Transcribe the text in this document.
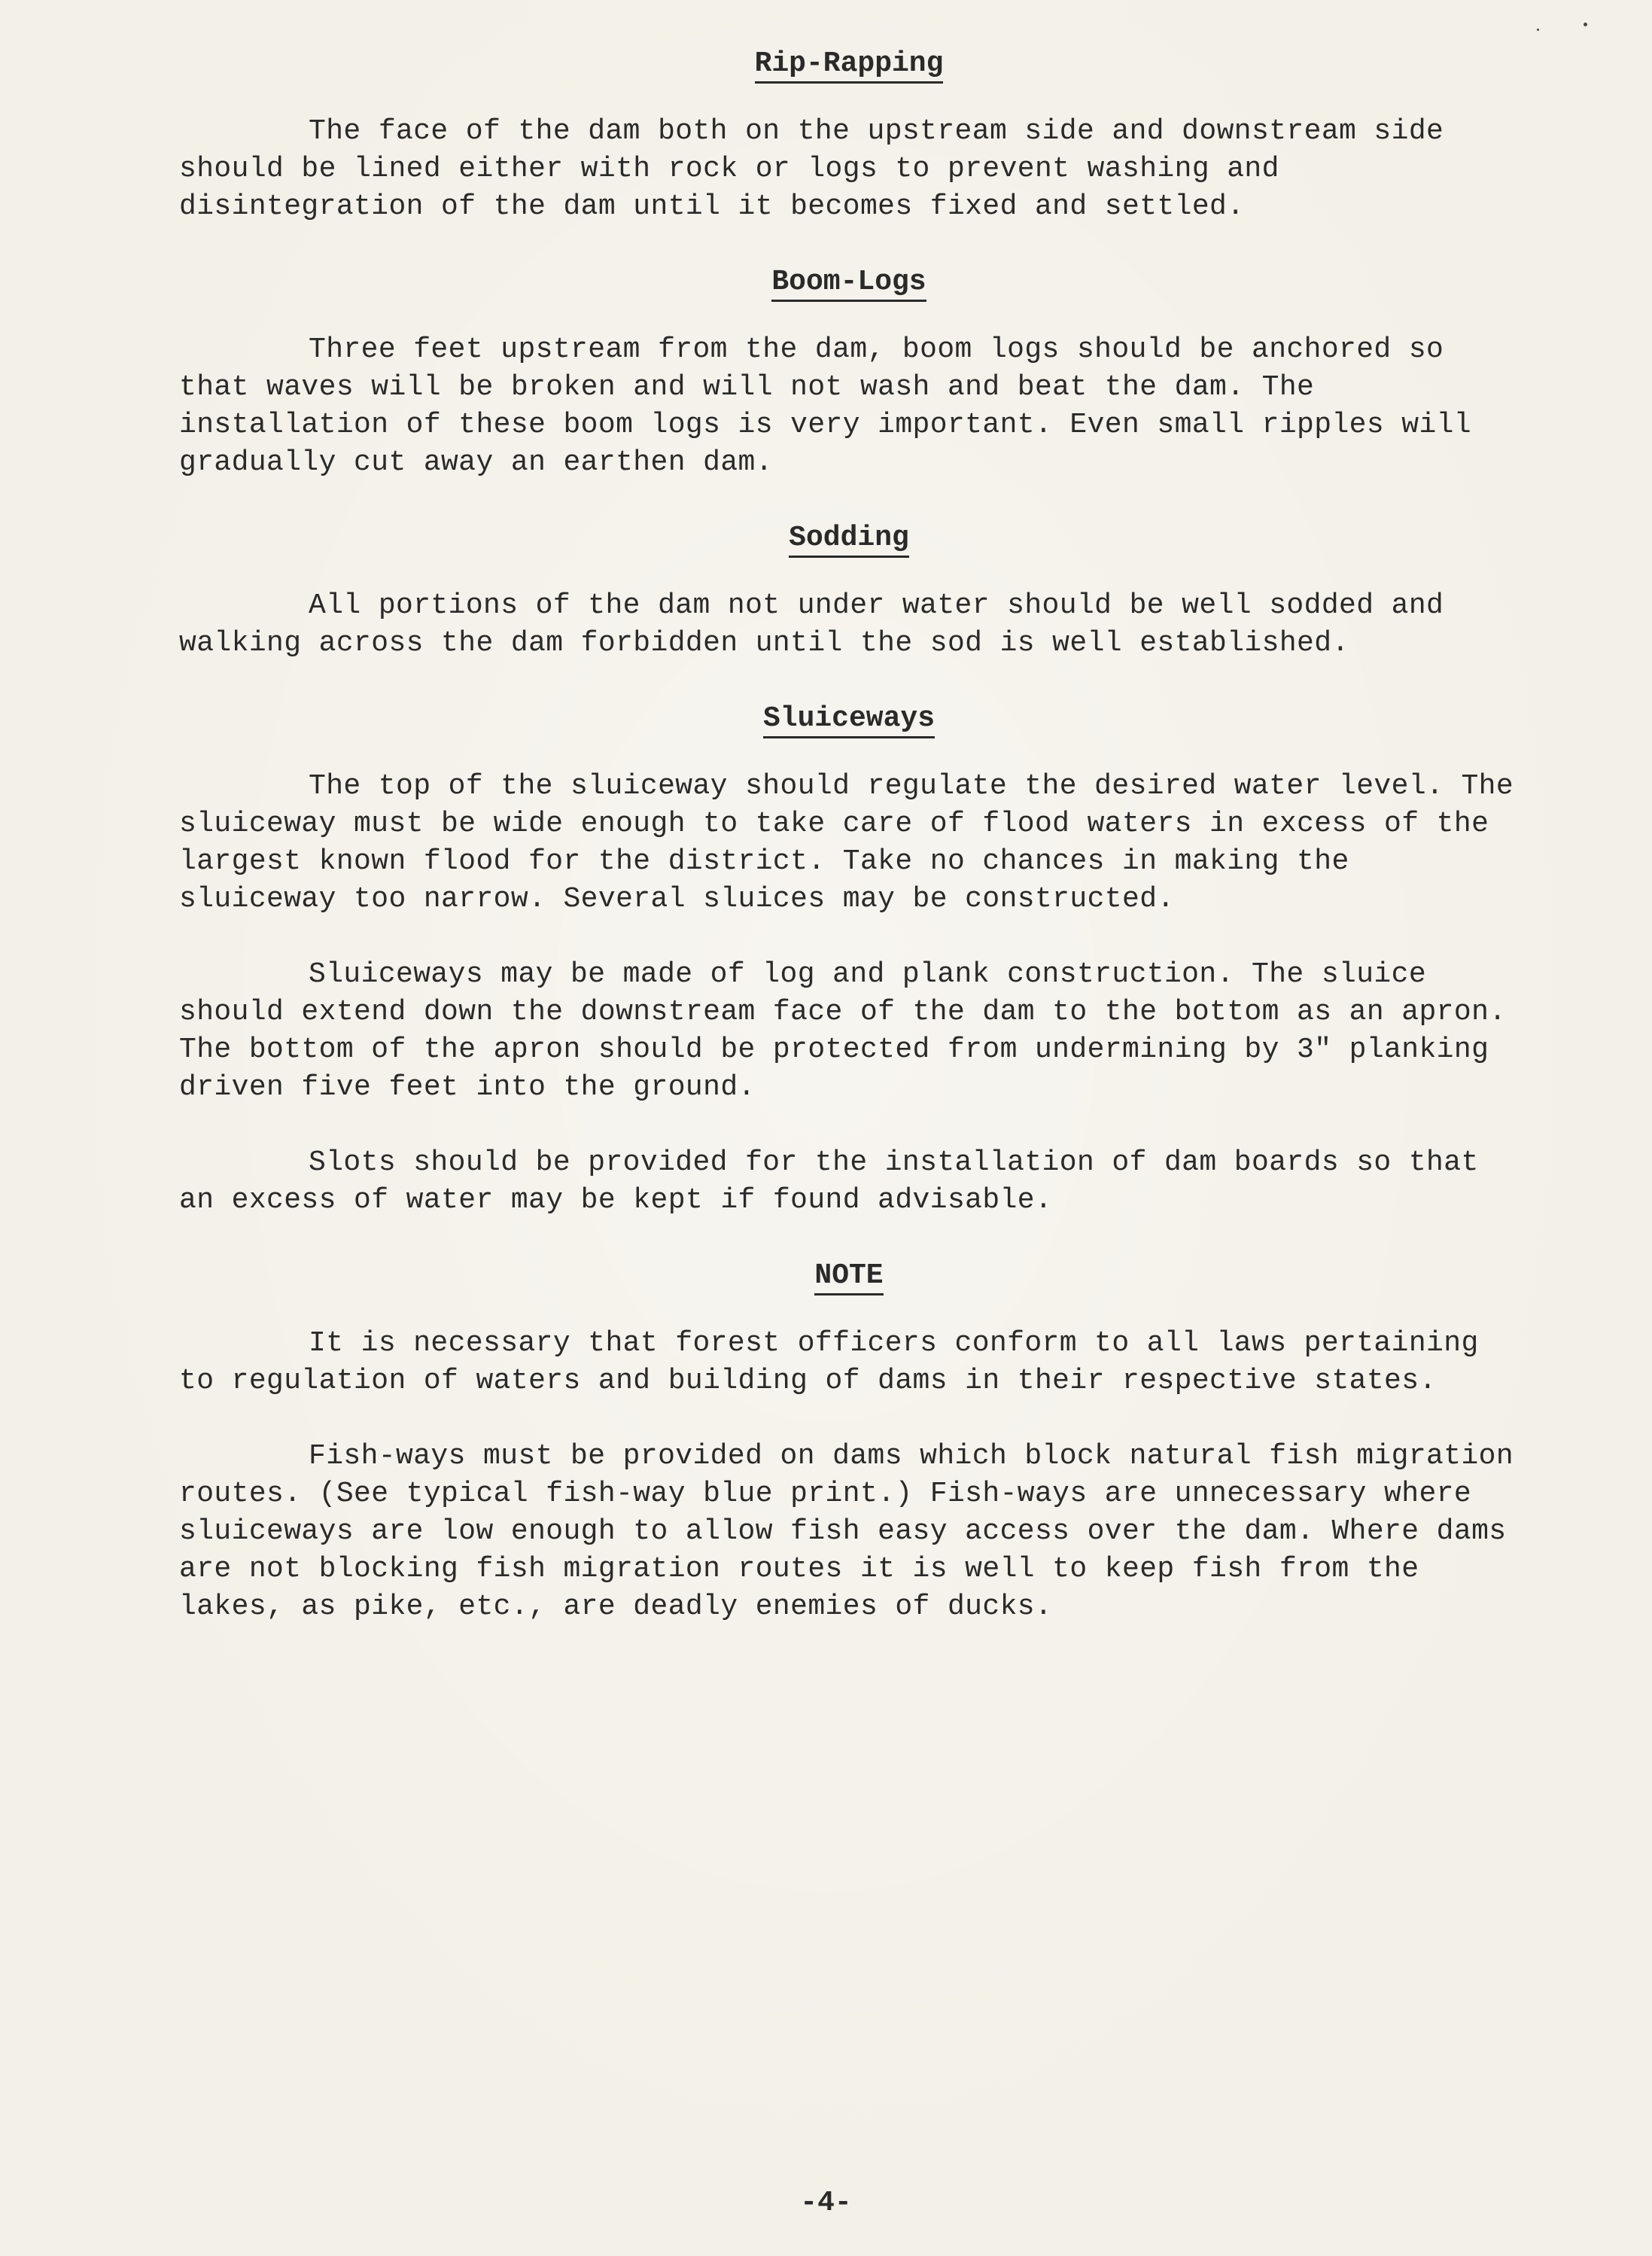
Rip-Rapping

The face of the dam both on the upstream side and downstream side should be lined either with rock or logs to prevent washing and disintegration of the dam until it becomes fixed and settled.

Boom-Logs

Three feet upstream from the dam, boom logs should be anchored so that waves will be broken and will not wash and beat the dam. The installation of these boom logs is very important. Even small ripples will gradually cut away an earthen dam.

Sodding

All portions of the dam not under water should be well sodded and walking across the dam forbidden until the sod is well established.

Sluiceways

The top of the sluiceway should regulate the desired water level. The sluiceway must be wide enough to take care of flood waters in excess of the largest known flood for the district. Take no chances in making the sluiceway too narrow. Several sluices may be constructed.

Sluiceways may be made of log and plank construction. The sluice should extend down the downstream face of the dam to the bottom as an apron. The bottom of the apron should be protected from undermining by 3" planking driven five feet into the ground.

Slots should be provided for the installation of dam boards so that an excess of water may be kept if found advisable.

NOTE

It is necessary that forest officers conform to all laws pertaining to regulation of waters and building of dams in their respective states.

Fish-ways must be provided on dams which block natural fish migration routes. (See typical fish-way blue print.) Fish-ways are unnecessary where sluiceways are low enough to allow fish easy access over the dam. Where dams are not blocking fish migration routes it is well to keep fish from the lakes, as pike, etc., are deadly enemies of ducks.

-4-
